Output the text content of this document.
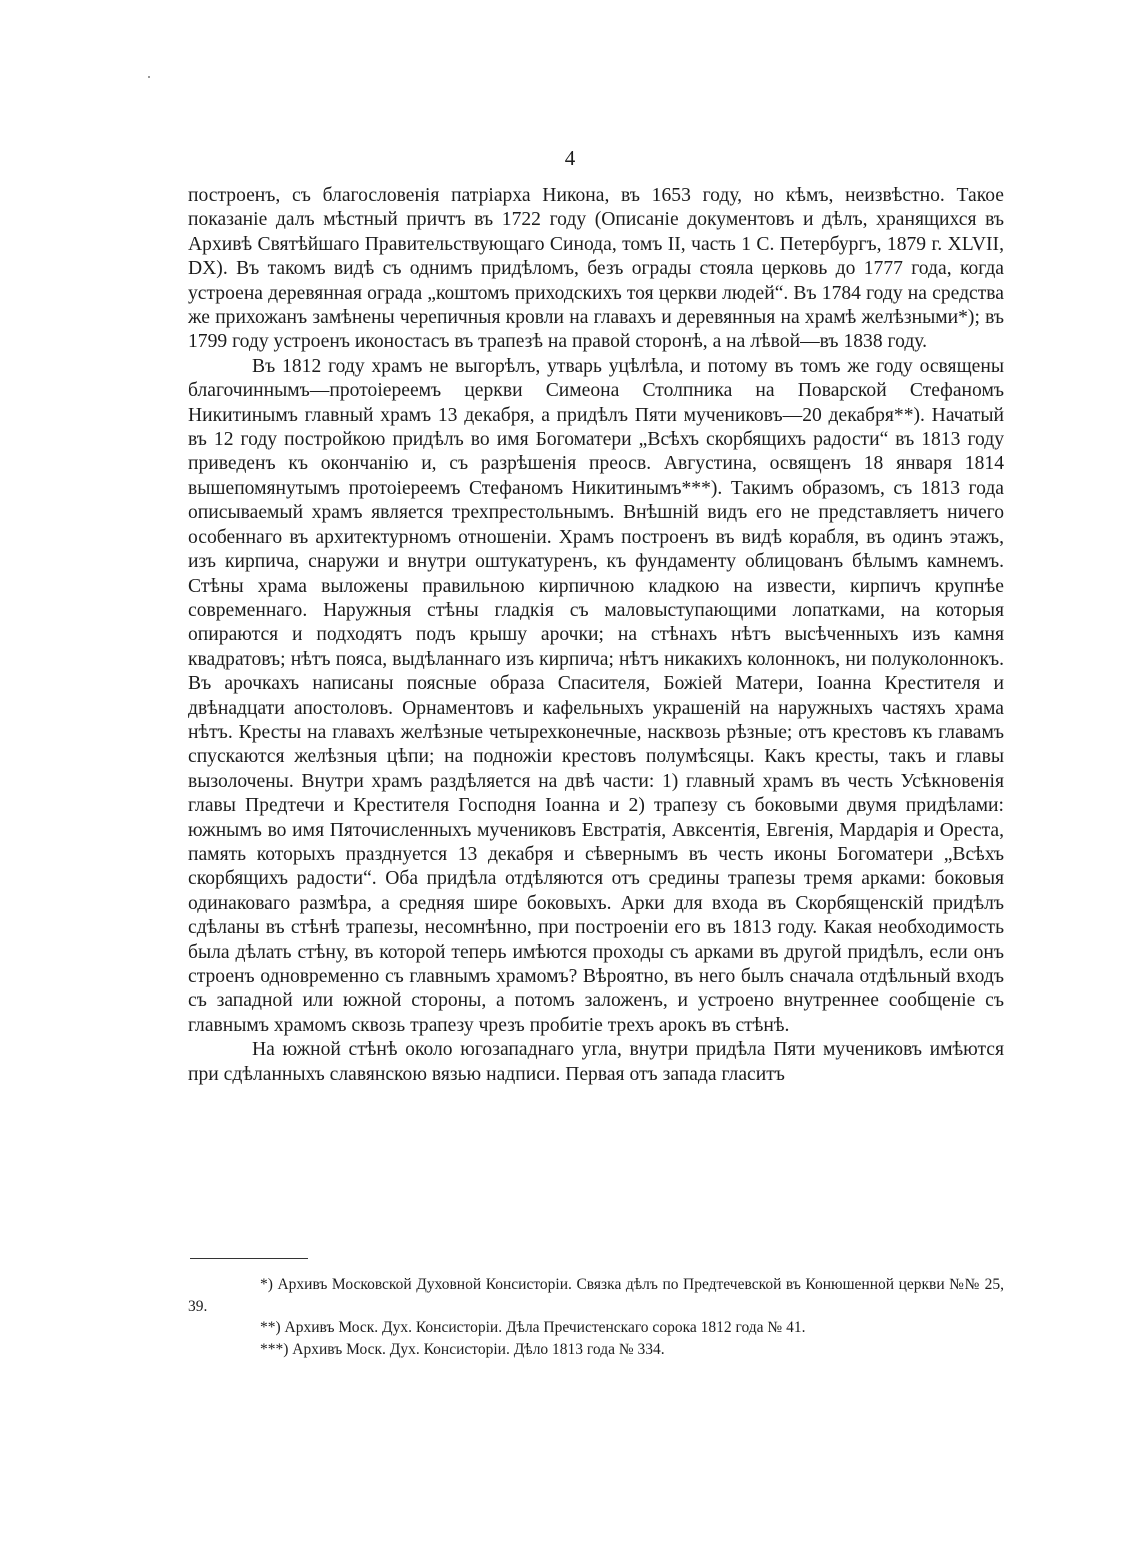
4

построенъ, съ благословенія патріарха Никона, въ 1653 году, но кѣмъ, неизвѣстно. Такое показаніе далъ мѣстный причтъ въ 1722 году (Описаніе документовъ и дѣлъ, хранящихся въ Архивѣ Святѣйшаго Правительствующаго Синода, томъ II, часть 1 С. Петербургъ, 1879 г. XLVII, DX). Въ такомъ видѣ съ однимъ придѣломъ, безъ ограды стояла церковь до 1777 года, когда устроена деревянная ограда „коштомъ приходскихъ тоя церкви людей“. Въ 1784 году на средства же прихожанъ замѣнены черепичныя кровли на главахъ и деревянныя на храмѣ желѣзными*); въ 1799 году устроенъ иконостасъ въ трапезѣ на правой сторонѣ, а на лѣвой—въ 1838 году.

Въ 1812 году храмъ не выгорѣлъ, утварь уцѣлѣла, и потому въ томъ же году освящены благочиннымъ—протоіереемъ церкви Симеона Столпника на Поварской Стефаномъ Никитинымъ главный храмъ 13 декабря, а придѣлъ Пяти мучениковъ—20 декабря**). Начатый въ 12 году постройкою придѣлъ во имя Богоматери „Всѣхъ скорбящихъ радости“ въ 1813 году приведенъ къ окончанію и, съ разрѣшенія преосв. Августина, освященъ 18 января 1814 вышепомянутымъ протоіереемъ Стефаномъ Никитинымъ***). Такимъ образомъ, съ 1813 года описываемый храмъ является трехпрестольнымъ. Внѣшній видъ его не представляетъ ничего особеннаго въ архитектурномъ отношеніи. Храмъ построенъ въ видѣ корабля, въ одинъ этажъ, изъ кирпича, снаружи и внутри оштукатуренъ, къ фундаменту облицованъ бѣлымъ камнемъ. Стѣны храма выложены правильною кирпичною кладкою на извести, кирпичъ крупнѣе современнаго. Наружныя стѣны гладкія съ маловыступающими лопатками, на которыя опираются и подходятъ подъ крышу арочки; на стѣнахъ нѣтъ высѣченныхъ изъ камня квадратовъ; нѣтъ пояса, выдѣланнаго изъ кирпича; нѣтъ никакихъ колоннокъ, ни полуколоннокъ. Въ арочкахъ написаны поясные образа Спасителя, Божіей Матери, Іоанна Крестителя и двѣнадцати апостоловъ. Орнаментовъ и кафельныхъ украшеній на наружныхъ частяхъ храма нѣтъ. Кресты на главахъ желѣзные четырехконечные, насквозь рѣзные; отъ крестовъ къ главамъ спускаются желѣзныя цѣпи; на подножіи крестовъ полумѣсяцы. Какъ кресты, такъ и главы вызолочены. Внутри храмъ раздѣляется на двѣ части: 1) главный храмъ въ честь Усѣкновенія главы Предтечи и Крестителя Господня Іоанна и 2) трапезу съ боковыми двумя придѣлами: южнымъ во имя Пяточисленныхъ мучениковъ Евстратія, Авксентія, Евгенія, Мардарія и Ореста, память которыхъ празднуется 13 декабря и сѣвернымъ въ честь иконы Богоматери „Всѣхъ скорбящихъ радости“. Оба придѣла отдѣляются отъ средины трапезы тремя арками: боковыя одинаковаго размѣра, а средняя шире боковыхъ. Арки для входа въ Скорбященскій придѣлъ сдѣланы въ стѣнѣ трапезы, несомнѣнно, при построеніи его въ 1813 году. Какая необходимость была дѣлать стѣну, въ которой теперь имѣются проходы съ арками въ другой придѣлъ, если онъ строенъ одновременно съ главнымъ храмомъ? Вѣроятно, въ него былъ сначала отдѣльный входъ съ западной или южной стороны, а потомъ заложенъ, и устроено внутреннее сообщеніе съ главнымъ храмомъ сквозь трапезу чрезъ пробитіе трехъ арокъ въ стѣнѣ.

На южной стѣнѣ около югозападнаго угла, внутри придѣла Пяти мучениковъ имѣются при сдѣланныхъ славянскою вязью надписи. Первая отъ запада гласитъ

*) Архивъ Московской Духовной Консисторіи. Связка дѣлъ по Предтечевской въ Конюшенной церкви №№ 25, 39.

**) Архивъ Моск. Дух. Консисторіи. Дѣла Пречистенскаго сорока 1812 года № 41.

***) Архивъ Моск. Дух. Консисторіи. Дѣло 1813 года № 334.
